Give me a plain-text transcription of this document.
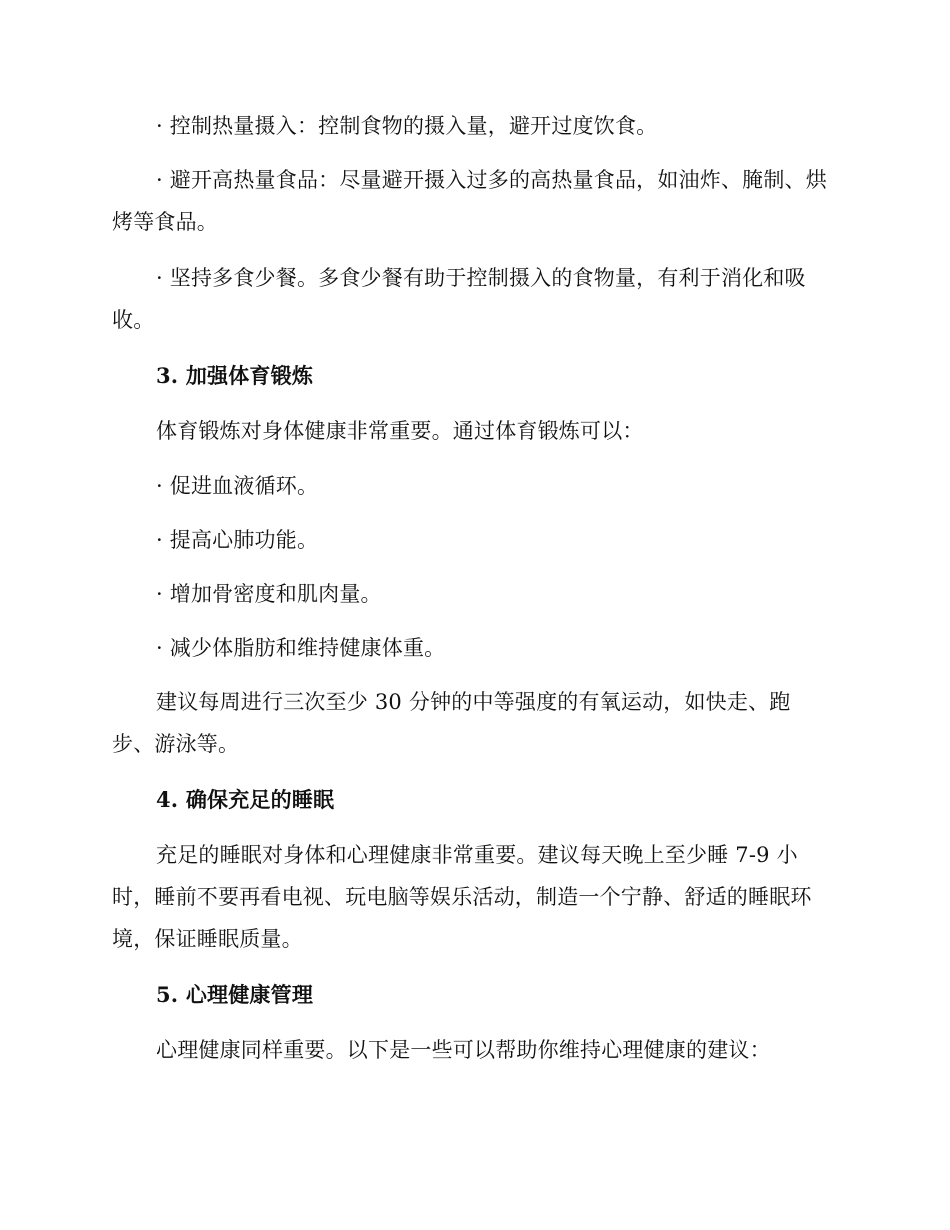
· 控制热量摄入：控制食物的摄入量，避开过度饮食。

· 避开高热量食品：尽量避开摄入过多的高热量食品，如油炸、腌制、烘烤等食品。

· 坚持多食少餐。多食少餐有助于控制摄入的食物量，有利于消化和吸收。

3. 加强体育锻炼

体育锻炼对身体健康非常重要。通过体育锻炼可以：

· 促进血液循环。

· 提高心肺功能。

· 增加骨密度和肌肉量。

· 减少体脂肪和维持健康体重。

建议每周进行三次至少 30 分钟的中等强度的有氧运动，如快走、跑步、游泳等。

4. 确保充足的睡眠

充足的睡眠对身体和心理健康非常重要。建议每天晚上至少睡 7-9 小时，睡前不要再看电视、玩电脑等娱乐活动，制造一个宁静、舒适的睡眠环境，保证睡眠质量。

5. 心理健康管理

心理健康同样重要。以下是一些可以帮助你维持心理健康的建议：
